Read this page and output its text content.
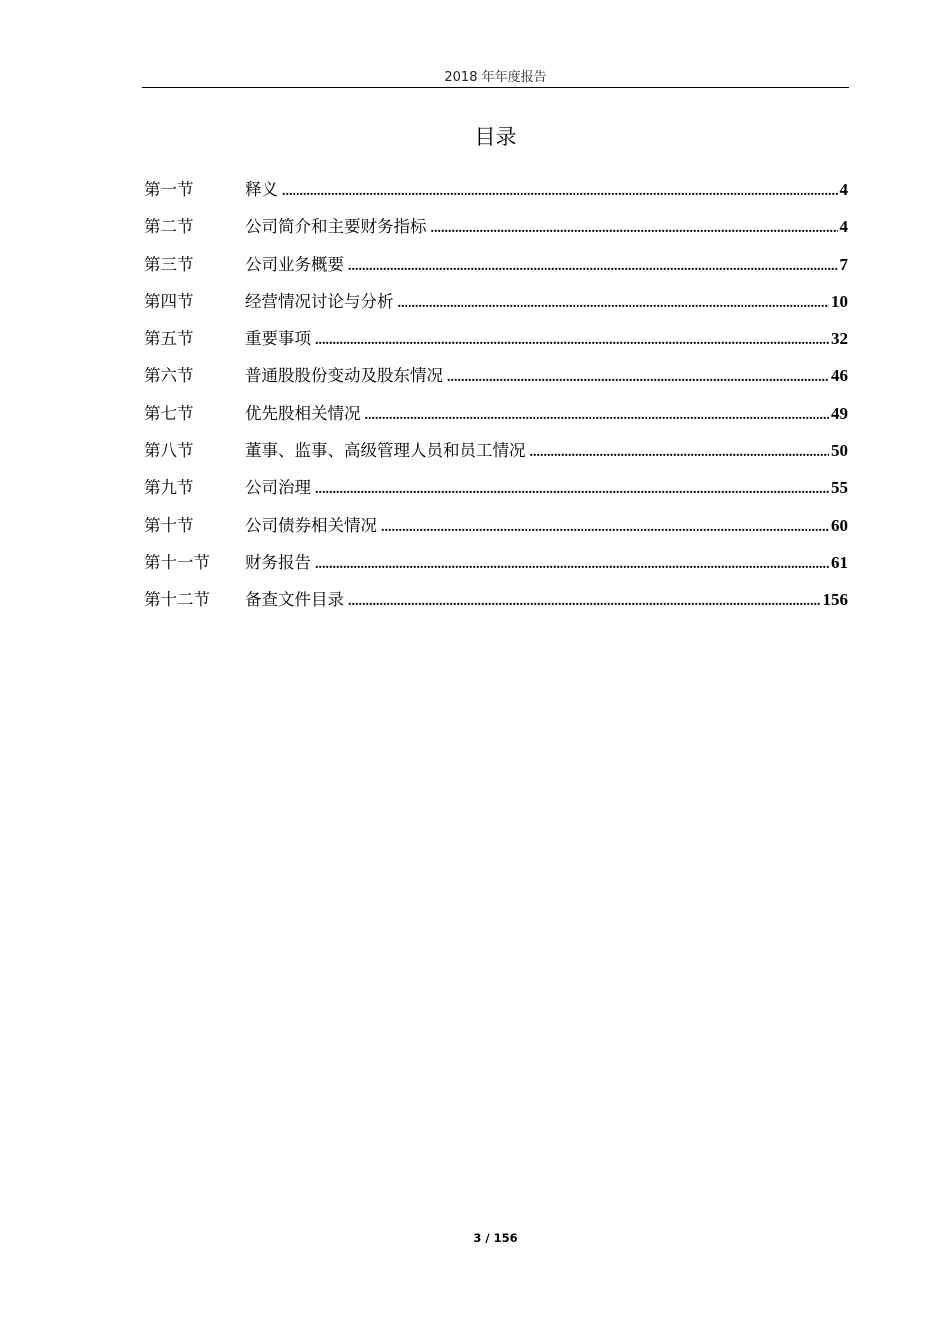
2018 年年度报告
目录
第一节	释义 .....	4
第二节	公司简介和主要财务指标 .....	4
第三节	公司业务概要 .....	7
第四节	经营情况讨论与分析 .....	10
第五节	重要事项 .....	32
第六节	普通股股份变动及股东情况 .....	46
第七节	优先股相关情况 .....	49
第八节	董事、监事、高级管理人员和员工情况 .....	50
第九节	公司治理 .....	55
第十节	公司债券相关情况 .....	60
第十一节	财务报告 .....	61
第十二节	备查文件目录 .....	156
3 / 156
